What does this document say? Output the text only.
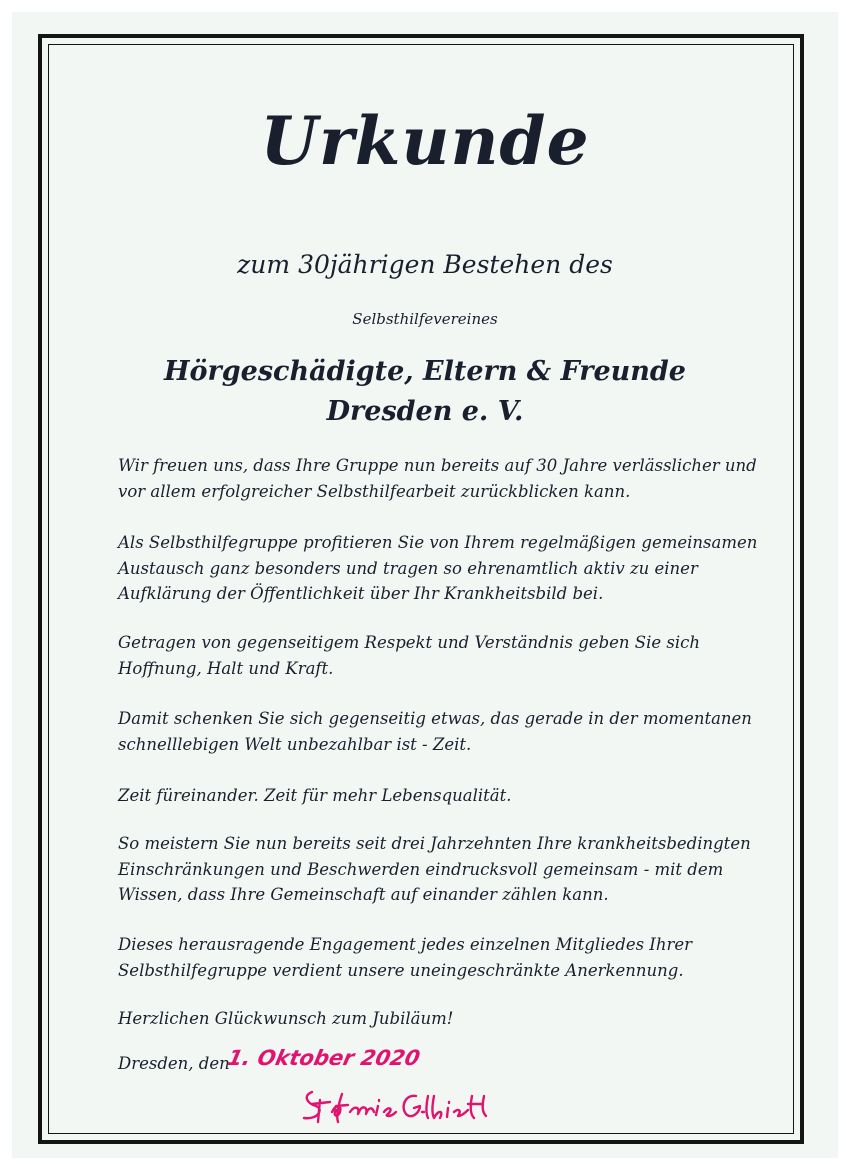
Urkunde

zum 30jährigen Bestehen des

Selbsthilfevereines

Hörgeschädigte, Eltern & Freunde
Dresden e. V.

Wir freuen uns, dass Ihre Gruppe nun bereits auf 30 Jahre verlässlicher und vor allem erfolgreicher Selbsthilfearbeit zurückblicken kann.

Als Selbsthilfegruppe profitieren Sie von Ihrem regelmäßigen gemeinsamen Austausch ganz besonders und tragen so ehrenamtlich aktiv zu einer Aufklärung der Öffentlichkeit über Ihr Krankheitsbild bei.

Getragen von gegenseitigem Respekt und Verständnis geben Sie sich Hoffnung, Halt und Kraft.

Damit schenken Sie sich gegenseitig etwas, das gerade in der momentanen schnelllebigen Welt unbezahlbar ist - Zeit.

Zeit füreinander. Zeit für mehr Lebensqualität.

So meistern Sie nun bereits seit drei Jahrzehnten Ihre krankheitsbedingten Einschränkungen und Beschwerden eindrucksvoll gemeinsam - mit dem Wissen, dass Ihre Gemeinschaft auf einander zählen kann.

Dieses herausragende Engagement jedes einzelnen Mitgliedes Ihrer Selbsthilfegruppe verdient unsere uneingeschränkte Anerkennung.

Herzlichen Glückwunsch zum Jubiläum!

Dresden, den
1. Oktober 2020
